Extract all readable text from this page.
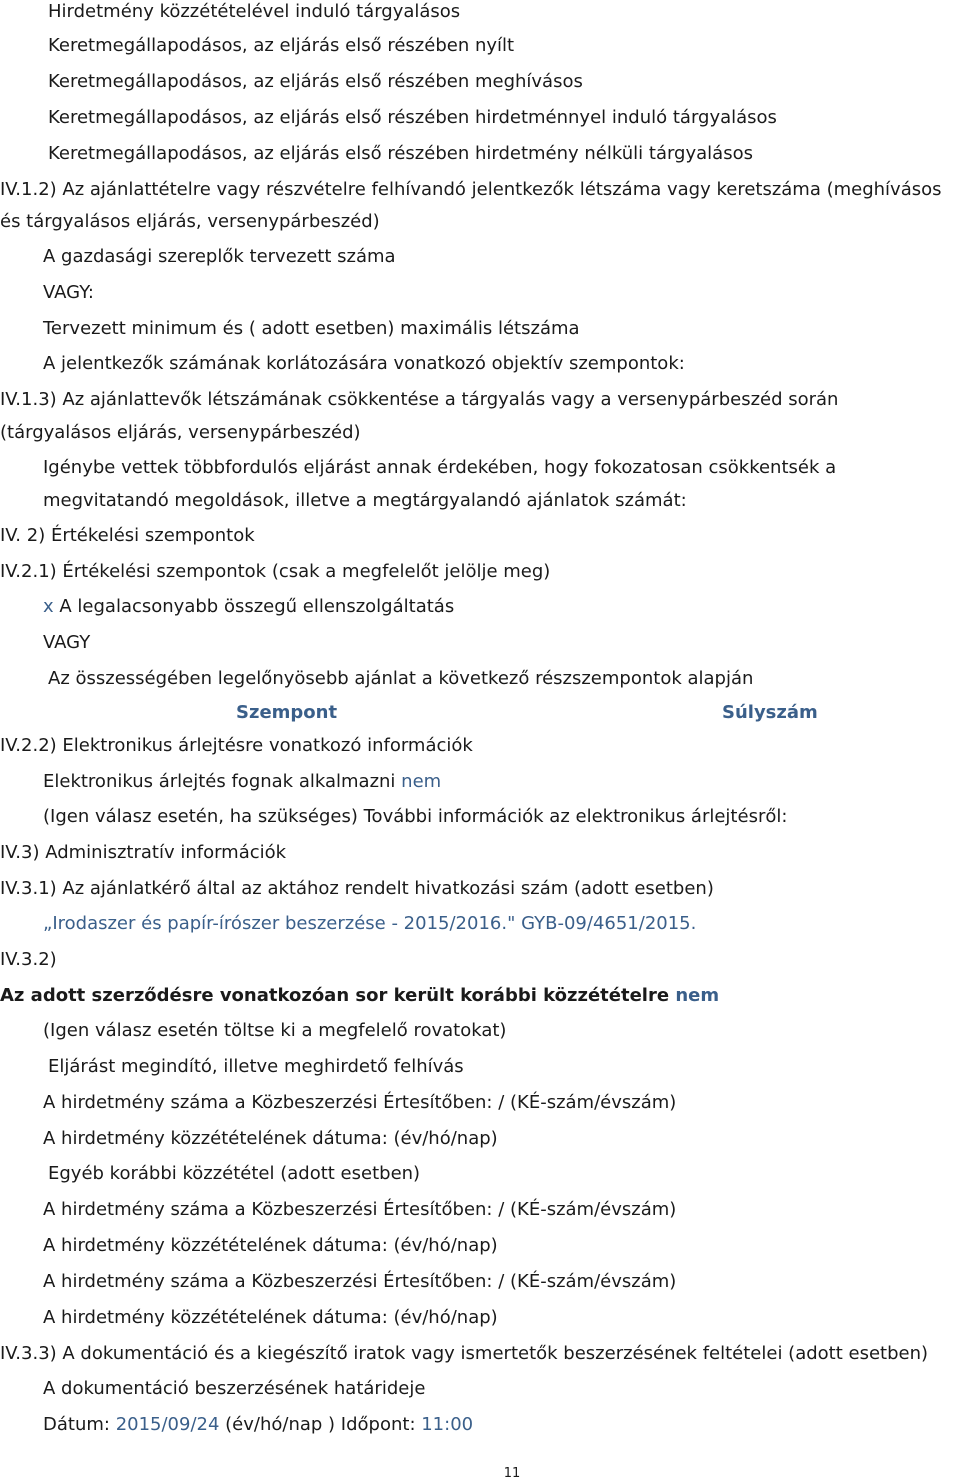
Hirdetmény közzétételével induló tárgyalásos
Keretmegállapodásos, az eljárás első részében nyílt
Keretmegállapodásos, az eljárás első részében meghívásos
Keretmegállapodásos, az eljárás első részében hirdetménnyel induló tárgyalásos
Keretmegállapodásos, az eljárás első részében hirdetmény nélküli tárgyalásos
IV.1.2) Az ajánlattételre vagy részvételre felhívandó jelentkezők létszáma vagy keretszáma (meghívásos
és tárgyalásos eljárás, versenypárbeszéd)
A gazdasági szereplők tervezett száma
VAGY:
Tervezett minimum és ( adott esetben) maximális létszáma
A jelentkezők számának korlátozására vonatkozó objektív szempontok:
IV.1.3) Az ajánlattevők létszámának csökkentése a tárgyalás vagy a versenypárbeszéd során
(tárgyalásos eljárás, versenypárbeszéd)
Igénybe vettek többfordulós eljárást annak érdekében, hogy fokozatosan csökkentsék a
megvitatandó megoldások, illetve a megtárgyalandó ajánlatok számát:
IV. 2) Értékelési szempontok
IV.2.1) Értékelési szempontok (csak a megfelelőt jelölje meg)
x A legalacsonyabb összegű ellenszolgáltatás
VAGY
Az összességében legelőnyösebb ajánlat a következő részszempontok alapján
Szempont	Súlyszám
IV.2.2) Elektronikus árlejtésre vonatkozó információk
Elektronikus árlejtés fognak alkalmazni nem
(Igen válasz esetén, ha szükséges) További információk az elektronikus árlejtésről:
IV.3) Adminisztratív információk
IV.3.1) Az ajánlatkérő által az aktához rendelt hivatkozási szám (adott esetben)
„Irodaszer és papír-írószer beszerzése - 2015/2016." GYB-09/4651/2015.
IV.3.2)
Az adott szerződésre vonatkozóan sor került korábbi közzétételre nem
(Igen válasz esetén töltse ki a megfelelő rovatokat)
Eljárást megindító, illetve meghirdető felhívás
A hirdetmény száma a Közbeszerzési Értesítőben: / (KÉ-szám/évszám)
A hirdetmény közzétételének dátuma: (év/hó/nap)
Egyéb korábbi közzététel (adott esetben)
A hirdetmény száma a Közbeszerzési Értesítőben: / (KÉ-szám/évszám)
A hirdetmény közzétételének dátuma: (év/hó/nap)
A hirdetmény száma a Közbeszerzési Értesítőben: / (KÉ-szám/évszám)
A hirdetmény közzétételének dátuma: (év/hó/nap)
IV.3.3) A dokumentáció és a kiegészítő iratok vagy ismertetők beszerzésének feltételei (adott esetben)
A dokumentáció beszerzésének határideje
Dátum: 2015/09/24 (év/hó/nap ) Időpont: 11:00
11
